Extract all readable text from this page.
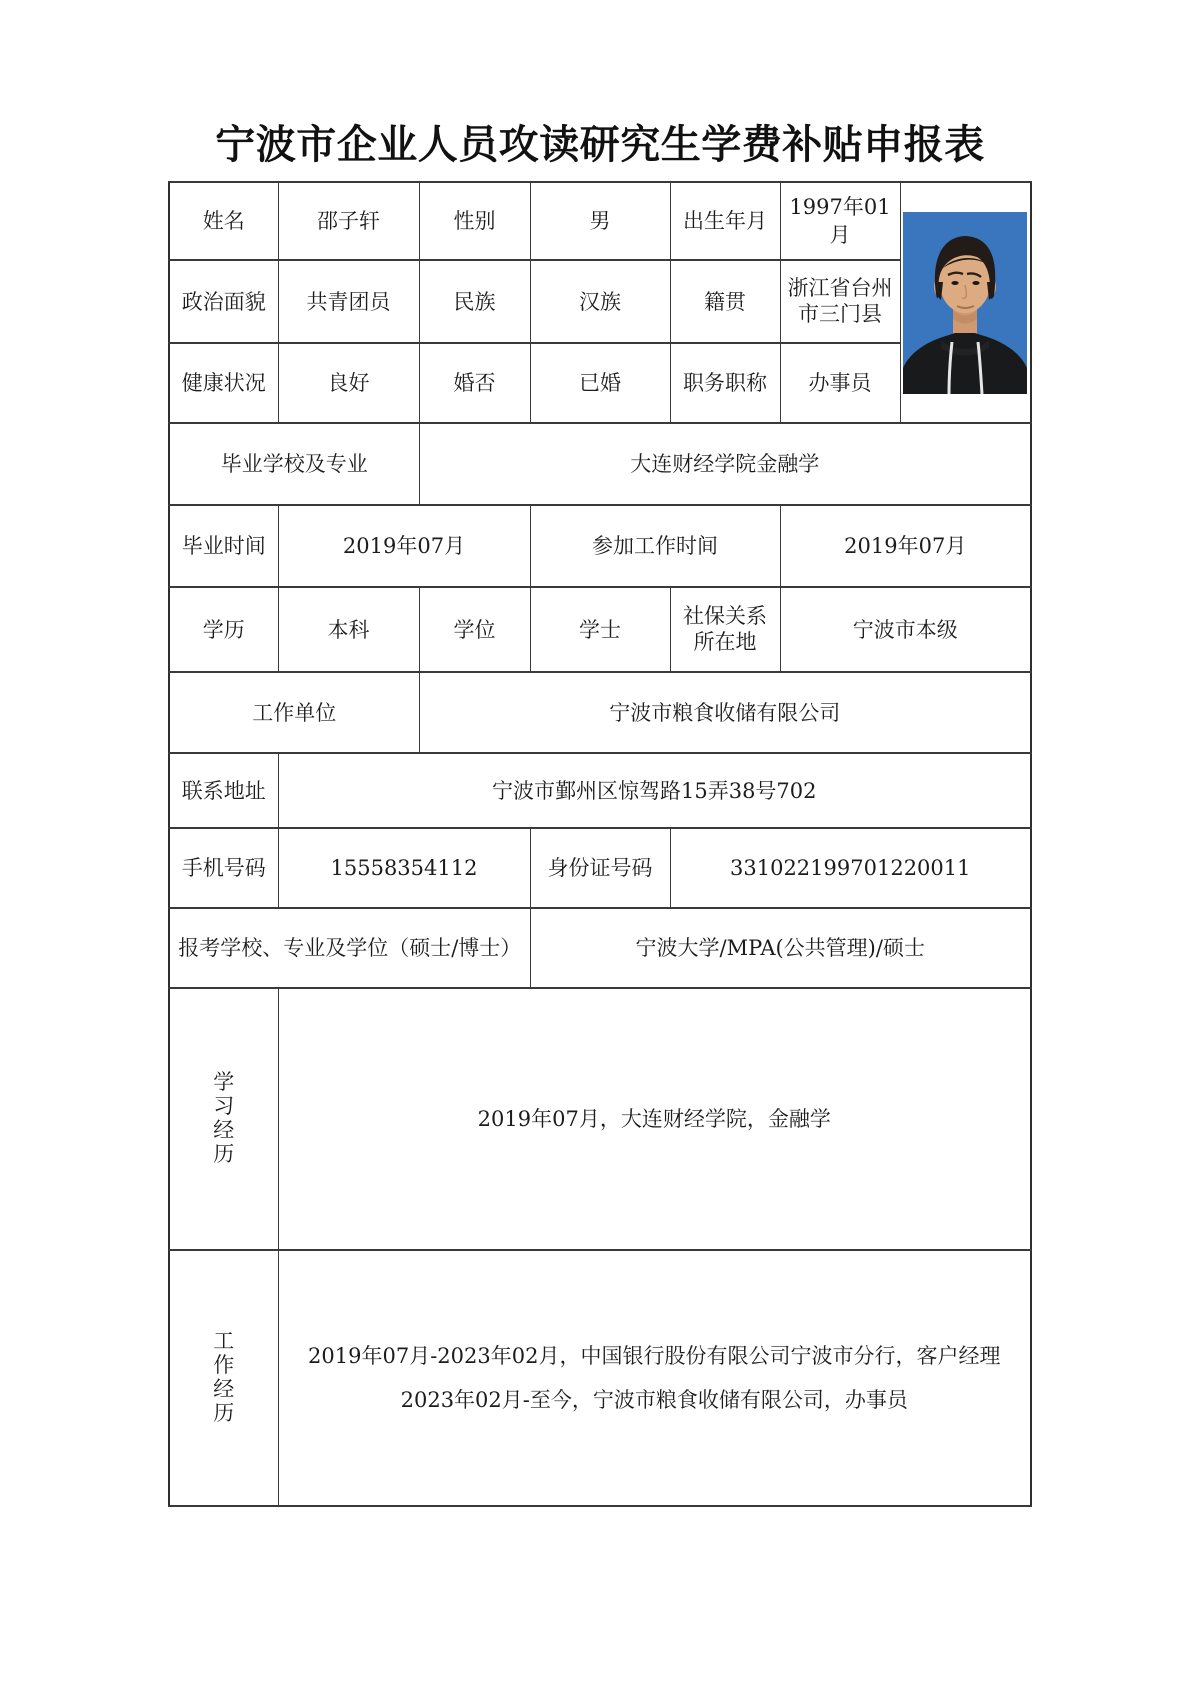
宁波市企业人员攻读研究生学费补贴申报表
姓名	邵子轩	性别	男	出生年月	1997年01月	

政治面貌	共青团员	民族	汉族	籍贯	浙江省台州市三门县	
健康状况	良好	婚否	已婚	职务职称	办事员	
毕业学校及专业		大连财经学院金融学				
毕业时间	2019年07月		参加工作时间		2019年07月	
学历	本科	学位	学士	社保关系所在地	宁波市本级	
工作单位		宁波市粮食收储有限公司				
联系地址	宁波市鄞州区惊驾路15弄38号702					
手机号码	15558354112		身份证号码	331022199701220011		
报考学校、专业及学位（硕士/博士）			宁波大学/MPA(公共管理)/硕士			
学习经历	2019年07月，大连财经学院，金融学					
工作经历	2019年07月-2023年02月，中国银行股份有限公司宁波市分行，客户经理
2023年02月-至今，宁波市粮食收储有限公司，办事员					
